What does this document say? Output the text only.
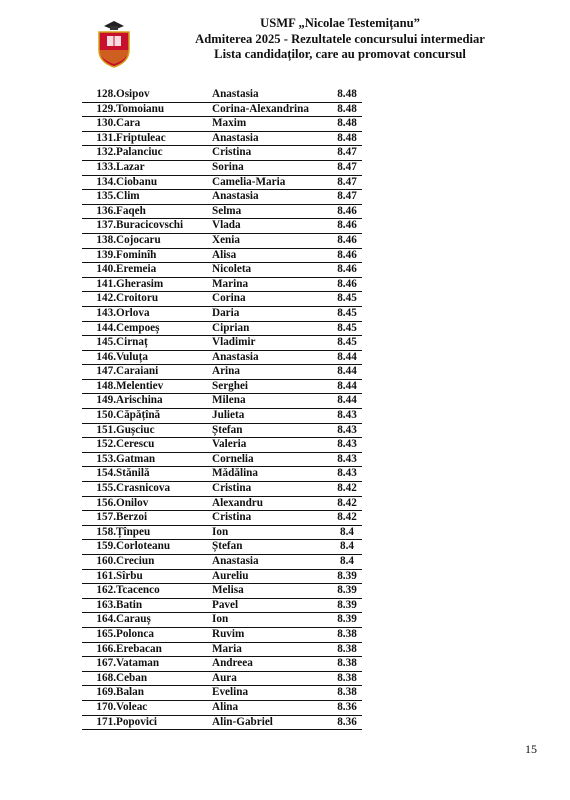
USMF „Nicolae Testemițanu”
Admiterea 2025 - Rezultatele concursului intermediar
Lista candidaților, care au promovat concursul
128.	Osipov	Anastasia	8.48
129.	Tomoianu	Corina-Alexandrina	8.48
130.	Cara	Maxim	8.48
131.	Friptuleac	Anastasia	8.48
132.	Palanciuc	Cristina	8.47
133.	Lazar	Sorina	8.47
134.	Ciobanu	Camelia-Maria	8.47
135.	Clim	Anastasia	8.47
136.	Faqeh	Selma	8.46
137.	Buracicovschi	Vlada	8.46
138.	Cojocaru	Xenia	8.46
139.	Fominîh	Alisa	8.46
140.	Eremeia	Nicoleta	8.46
141.	Gherasim	Marina	8.46
142.	Croitoru	Corina	8.45
143.	Orlova	Daria	8.45
144.	Cempoeș	Ciprian	8.45
145.	Cirnaț	Vladimir	8.45
146.	Vuluța	Anastasia	8.44
147.	Caraiani	Arina	8.44
148.	Melentiev	Serghei	8.44
149.	Arischina	Milena	8.44
150.	Căpățînă	Julieta	8.43
151.	Gușciuc	Ștefan	8.43
152.	Cerescu	Valeria	8.43
153.	Gatman	Cornelia	8.43
154.	Stănilă	Mădălina	8.43
155.	Crasnicova	Cristina	8.42
156.	Onilov	Alexandru	8.42
157.	Berzoi	Cristina	8.42
158.	Țînpeu	Ion	8.4
159.	Corloteanu	Ștefan	8.4
160.	Creciun	Anastasia	8.4
161.	Sîrbu	Aureliu	8.39
162.	Tcacenco	Melisa	8.39
163.	Batin	Pavel	8.39
164.	Carauș	Ion	8.39
165.	Polonca	Ruvim	8.38
166.	Erebacan	Maria	8.38
167.	Vataman	Andreea	8.38
168.	Ceban	Aura	8.38
169.	Balan	Evelina	8.38
170.	Voleac	Alina	8.36
171.	Popovici	Alin-Gabriel	8.36
15
